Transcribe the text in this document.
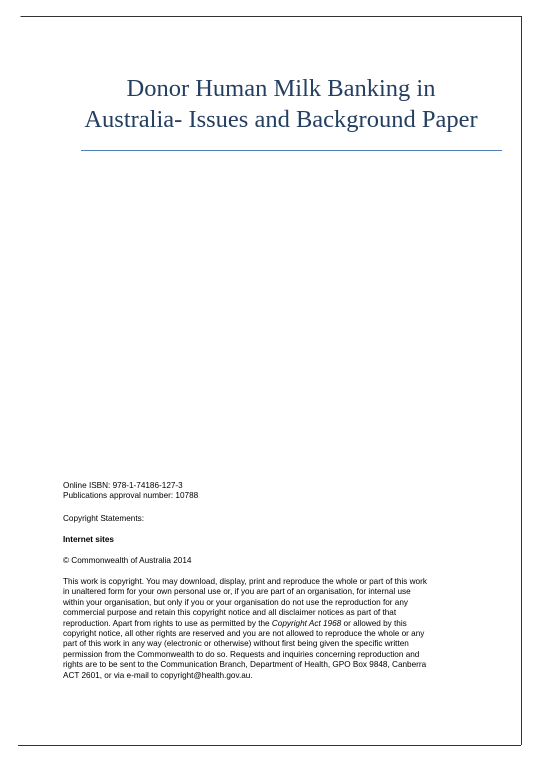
Donor Human Milk Banking in
Australia- Issues and Background Paper
Online ISBN: 978-1-74186-127-3
Publications approval number: 10788
Copyright Statements:
Internet sites
© Commonwealth of Australia 2014
This work is copyright. You may download, display, print and reproduce the whole or part of this work
in unaltered form for your own personal use or, if you are part of an organisation, for internal use
within your organisation, but only if you or your organisation do not use the reproduction for any
commercial purpose and retain this copyright notice and all disclaimer notices as part of that
reproduction. Apart from rights to use as permitted by the Copyright Act 1968 or allowed by this
copyright notice, all other rights are reserved and you are not allowed to reproduce the whole or any
part of this work in any way (electronic or otherwise) without first being given the specific written
permission from the Commonwealth to do so. Requests and inquiries concerning reproduction and
rights are to be sent to the Communication Branch, Department of Health, GPO Box 9848, Canberra
ACT 2601, or via e-mail to copyright@health.gov.au.
